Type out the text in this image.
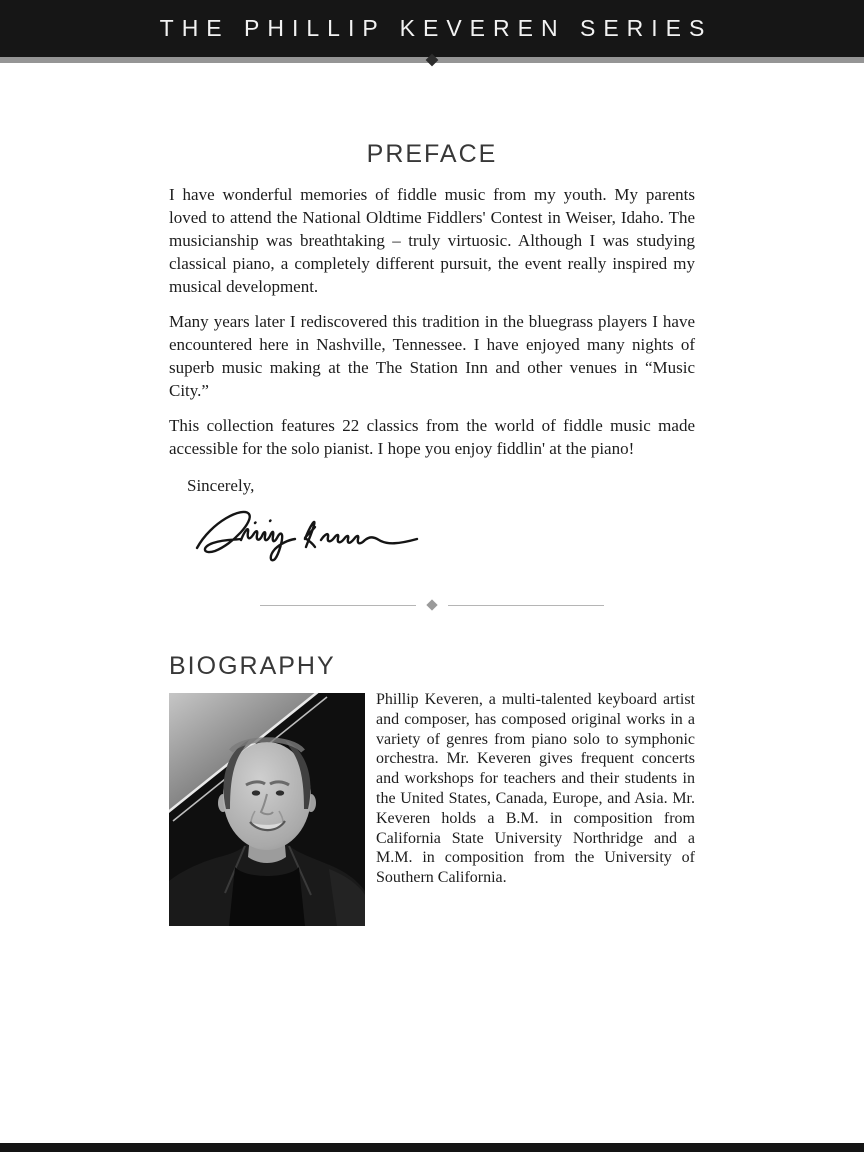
THE PHILLIP KEVEREN SERIES
PREFACE

I have wonderful memories of fiddle music from my youth. My parents loved to attend the National Oldtime Fiddlers' Contest in Weiser, Idaho. The musicianship was breathtaking – truly virtuosic. Although I was studying classical piano, a completely different pursuit, the event really inspired my musical development.

Many years later I rediscovered this tradition in the bluegrass players I have encountered here in Nashville, Tennessee. I have enjoyed many nights of superb music making at the The Station Inn and other venues in “Music City.”

This collection features 22 classics from the world of fiddle music made accessible for the solo pianist. I hope you enjoy fiddlin' at the piano!

Sincerely,

BIOGRAPHY

Phillip Keveren, a multi-talented keyboard artist and composer, has composed original works in a variety of genres from piano solo to symphonic orchestra. Mr. Keveren gives frequent concerts and workshops for teachers and their students in the United States, Canada, Europe, and Asia. Mr. Keveren holds a B.M. in composition from California State University Northridge and a M.M. in composition from the University of Southern California.
